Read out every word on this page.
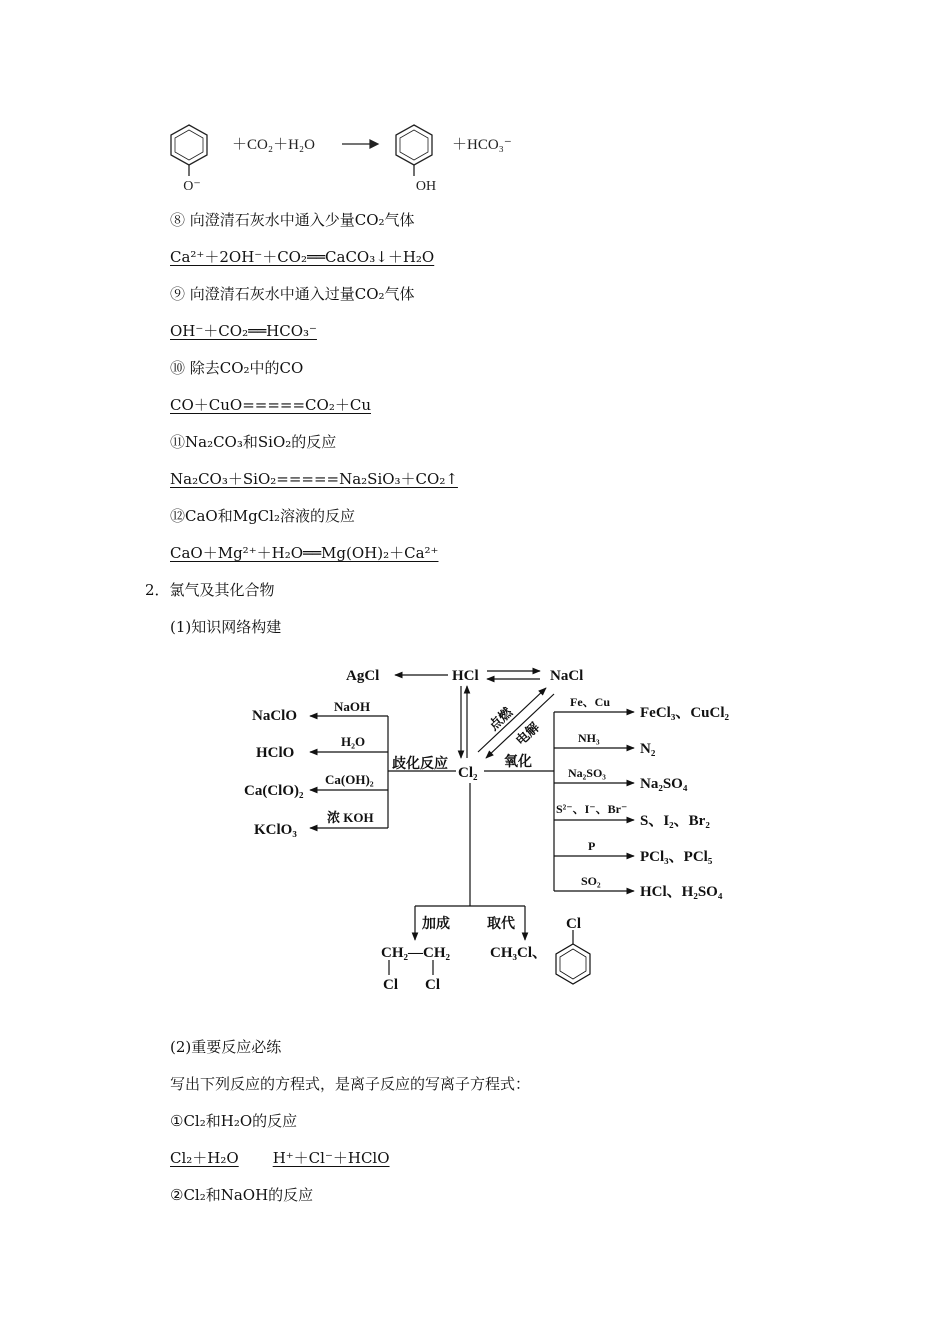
O⁻
＋CO₂＋H₂O
OH
＋HCO₃⁻

⑧ 向澄清石灰水中通入少量CO₂气体

Ca²⁺＋2OH⁻＋CO₂══CaCO₃↓＋H₂O

⑨ 向澄清石灰水中通入过量CO₂气体

OH⁻＋CO₂══HCO₃⁻

⑩ 除去CO₂中的CO

CO＋CuO=====CO₂＋Cu

⑪Na₂CO₃和SiO₂的反应

Na₂CO₃＋SiO₂=====Na₂SiO₃＋CO₂↑

⑫CaO和MgCl₂溶液的反应

CaO＋Mg²⁺＋H₂O══Mg(OH)₂＋Ca²⁺

2．氯气及其化合物

(1)知识网络构建

AgCl	HCl	NaCl
Cl₂
歧化反应	氧化
点燃
电解
NaOH
NaClO
H₂O
HClO
Ca(OH)₂
Ca(ClO)₂
浓 KOH
KClO₃
Fe、Cu
FeCl₃、CuCl₂
NH₃
N₂
Na₂SO₃
Na₂SO₄
S²⁻、I⁻、Br⁻
S、I₂、Br₂
P
PCl₃、PCl₅
SO₂
HCl、H₂SO₄
加成	取代
CH₂—CH₂
Cl Cl
CH₃Cl、
Cl

(2)重要反应必练

写出下列反应的方程式，是离子反应的写离子方程式：

①Cl₂和H₂O的反应

Cl₂＋H₂O H⁺＋Cl⁻＋HClO

②Cl₂和NaOH的反应
